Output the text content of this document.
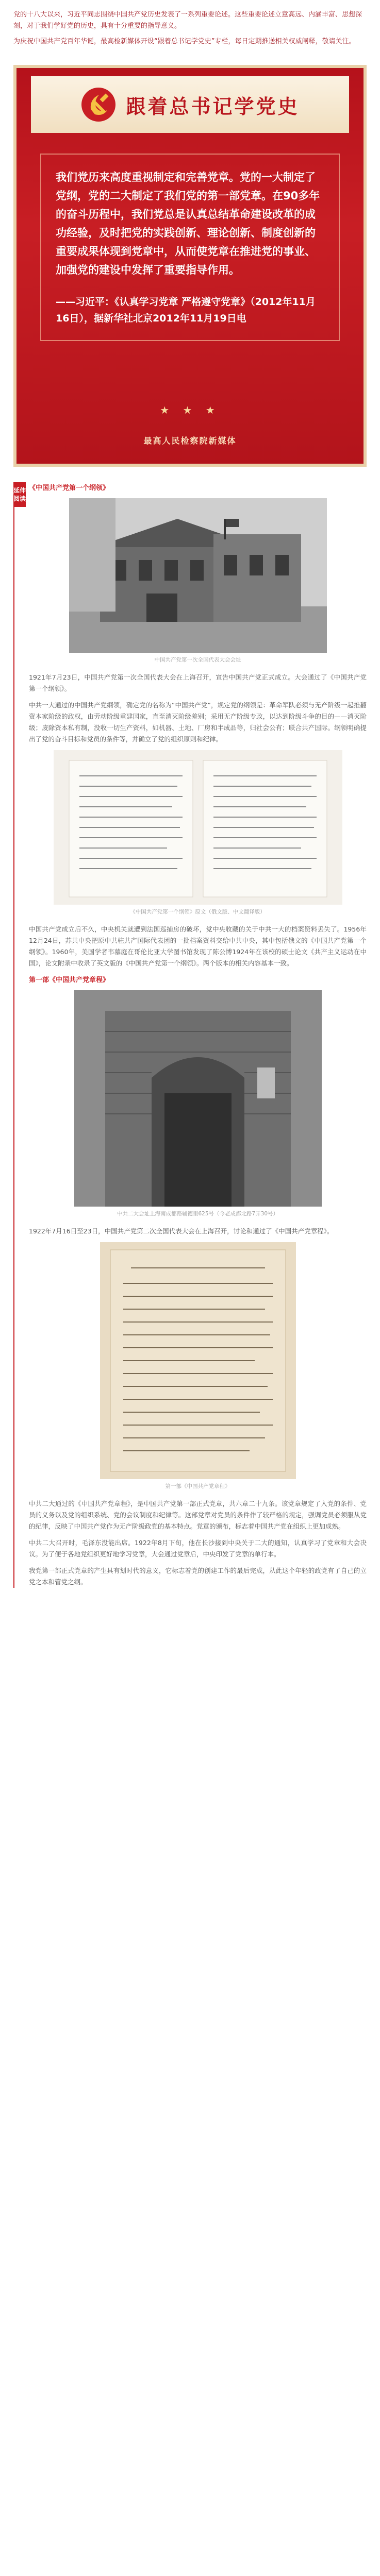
党的十八大以来，习近平同志围绕中国共产党历史发表了一系列重要论述。这些重要论述立意高远、内涵丰富、思想深刻，对于我们学好党的历史，具有十分重要的指导意义。

为庆祝中国共产党百年华诞，最高检新媒体开设“跟着总书记学党史”专栏，每日定期推送相关权威阐释，敬请关注。

跟着总书记学党史

我们党历来高度重视制定和完善党章。党的一大制定了党纲，党的二大制定了我们党的第一部党章。在90多年的奋斗历程中，我们党总是认真总结革命建设改革的成功经验，及时把党的实践创新、理论创新、制度创新的重要成果体现到党章中，从而使党章在推进党的事业、加强党的建设中发挥了重要指导作用。

——习近平：《认真学习党章 严格遵守党章》（2012年11月16日），据新华社北京2012年11月19日电

★ ★ ★
最高人民检察院新媒体
延伸阅读
《中国共产党第一个纲领》
中国共产党第一次全国代表大会会址

1921年7月23日，中国共产党第一次全国代表大会在上海召开，宣告中国共产党正式成立。大会通过了《中国共产党第一个纲领》。

中共一大通过的中国共产党纲领，确定党的名称为“中国共产党”，规定党的纲领是：革命军队必须与无产阶级一起推翻资本家阶级的政权，由劳动阶级重建国家，直至消灭阶级差别；采用无产阶级专政，以达到阶级斗争的目的——消灭阶级；废除资本私有制，没收一切生产资料，如机器、土地、厂房和半成品等，归社会公有；联合共产国际。纲领明确提出了党的奋斗目标和党员的条件等，并确立了党的组织原则和纪律。

《中国共产党第一个纲领》原文（俄文版、中文翻译版）

中国共产党成立后不久，中央机关就遭到法国巡捕房的破坏，党中央收藏的关于中共一大的档案资料丢失了。1956年12月24日，苏共中央把原中共驻共产国际代表团的一批档案资料交给中共中央，其中包括俄文的《中国共产党第一个纲领》。1960年，美国学者韦慕庭在哥伦比亚大学图书馆发现了陈公博1924年在该校的硕士论文《共产主义运动在中国》，论文附录中收录了英文版的《中国共产党第一个纲领》。两个版本的相关内容基本一致。

第一部《中国共产党章程》
中共二大会址上海南成都路辅德里625号（今老成都北路7弄30号）

1922年7月16日至23日，中国共产党第二次全国代表大会在上海召开，讨论和通过了《中国共产党章程》。

第一部《中国共产党章程》

中共二大通过的《中国共产党章程》，是中国共产党第一部正式党章，共六章二十九条。该党章规定了入党的条件、党员的义务以及党的组织系统、党的会议制度和纪律等。这部党章对党员的条件作了较严格的规定，强调党员必须服从党的纪律，反映了中国共产党作为无产阶级政党的基本特点。党章的颁布，标志着中国共产党在组织上更加成熟。

中共二大召开时，毛泽东没能出席。1922年8月下旬，他在长沙接到中央关于二大的通知，认真学习了党章和大会决议。为了便于各地党组织更好地学习党章，大会通过党章后，中央印发了党章的单行本。

我党第一部正式党章的产生具有划时代的意义，它标志着党的创建工作的最后完成，从此这个年轻的政党有了自己的立党之本和管党之纲。
